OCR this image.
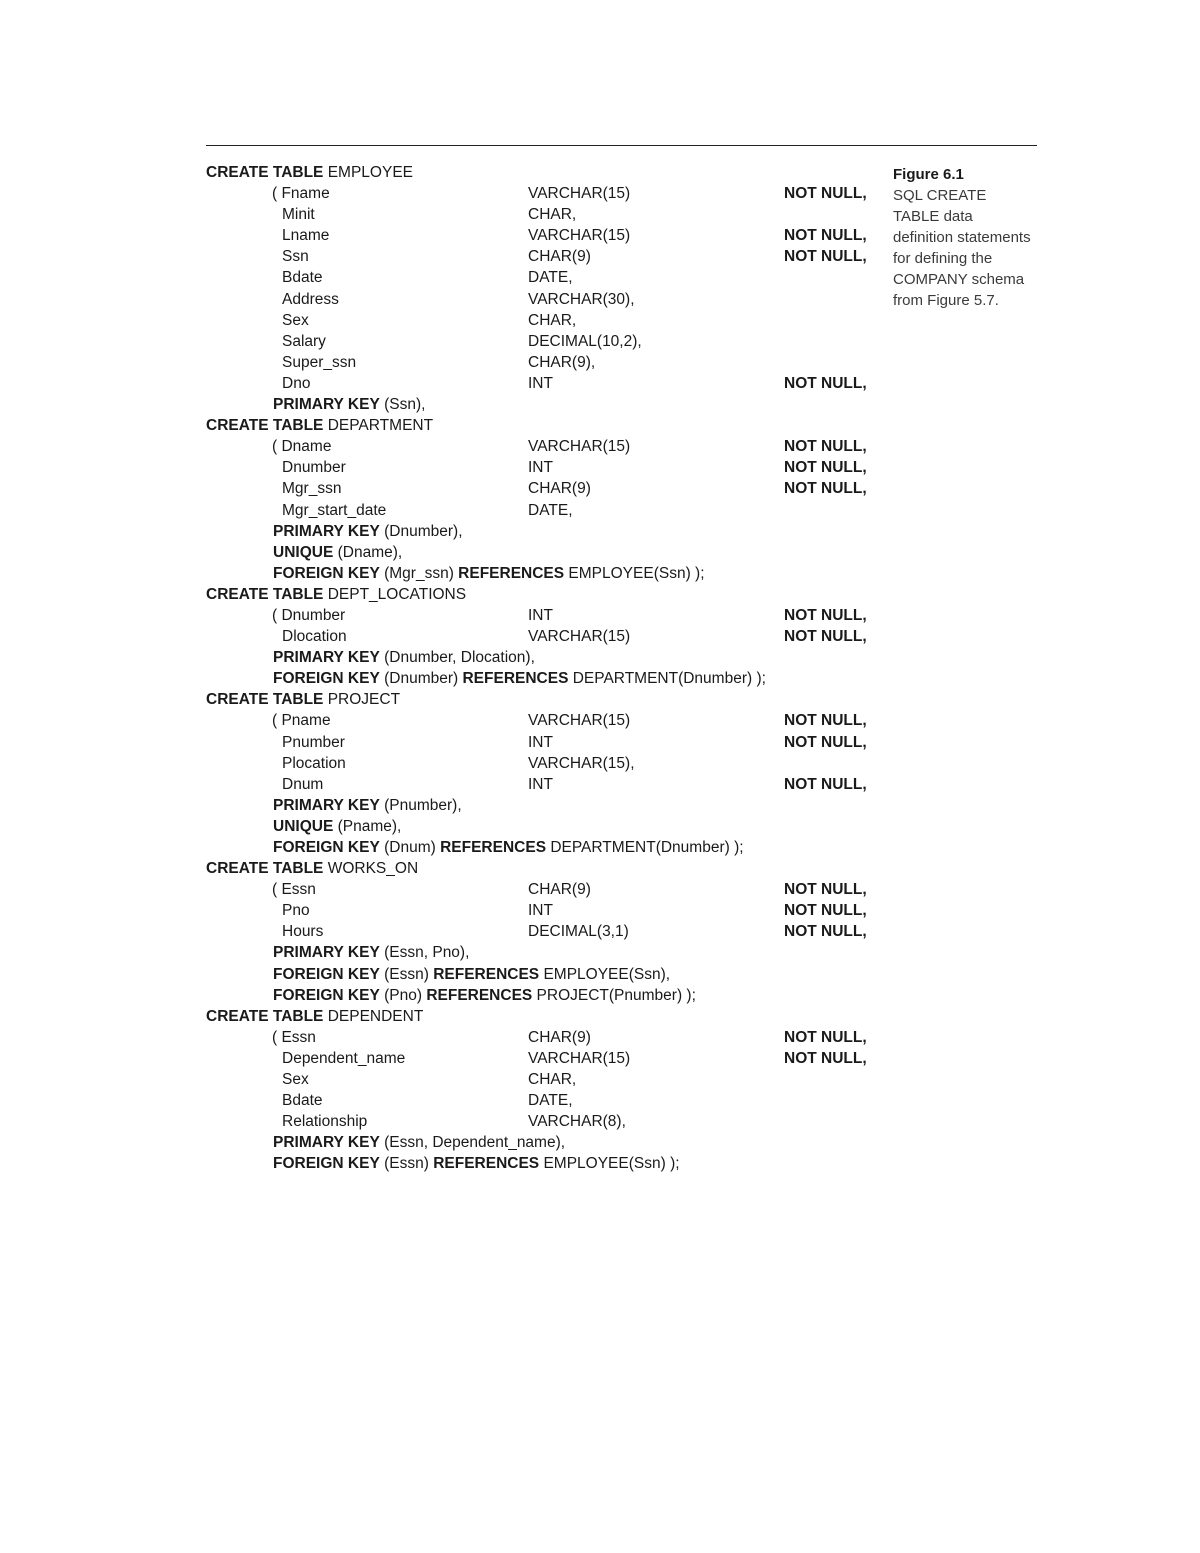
CREATE TABLE EMPLOYEE
( Fname	VARCHAR(15)	NOT NULL,
Minit	CHAR,
Lname	VARCHAR(15)	NOT NULL,
Ssn	CHAR(9)	NOT NULL,
Bdate	DATE,
Address	VARCHAR(30),
Sex	CHAR,
Salary	DECIMAL(10,2),
Super_ssn	CHAR(9),
Dno	INT	NOT NULL,
PRIMARY KEY (Ssn),
CREATE TABLE DEPARTMENT
( Dname	VARCHAR(15)	NOT NULL,
Dnumber	INT	NOT NULL,
Mgr_ssn	CHAR(9)	NOT NULL,
Mgr_start_date	DATE,
PRIMARY KEY (Dnumber),
UNIQUE (Dname),
FOREIGN KEY (Mgr_ssn) REFERENCES EMPLOYEE(Ssn) );
CREATE TABLE DEPT_LOCATIONS
( Dnumber	INT	NOT NULL,
Dlocation	VARCHAR(15)	NOT NULL,
PRIMARY KEY (Dnumber, Dlocation),
FOREIGN KEY (Dnumber) REFERENCES DEPARTMENT(Dnumber) );
CREATE TABLE PROJECT
( Pname	VARCHAR(15)	NOT NULL,
Pnumber	INT	NOT NULL,
Plocation	VARCHAR(15),
Dnum	INT	NOT NULL,
PRIMARY KEY (Pnumber),
UNIQUE (Pname),
FOREIGN KEY (Dnum) REFERENCES DEPARTMENT(Dnumber) );
CREATE TABLE WORKS_ON
( Essn	CHAR(9)	NOT NULL,
Pno	INT	NOT NULL,
Hours	DECIMAL(3,1)	NOT NULL,
PRIMARY KEY (Essn, Pno),
FOREIGN KEY (Essn) REFERENCES EMPLOYEE(Ssn),
FOREIGN KEY (Pno) REFERENCES PROJECT(Pnumber) );
CREATE TABLE DEPENDENT
( Essn	CHAR(9)	NOT NULL,
Dependent_name	VARCHAR(15)	NOT NULL,
Sex	CHAR,
Bdate	DATE,
Relationship	VARCHAR(8),
PRIMARY KEY (Essn, Dependent_name),
FOREIGN KEY (Essn) REFERENCES EMPLOYEE(Ssn) );
Figure 6.1
SQL CREATE
TABLE data
definition statements
for defining the
COMPANY schema
from Figure 5.7.
